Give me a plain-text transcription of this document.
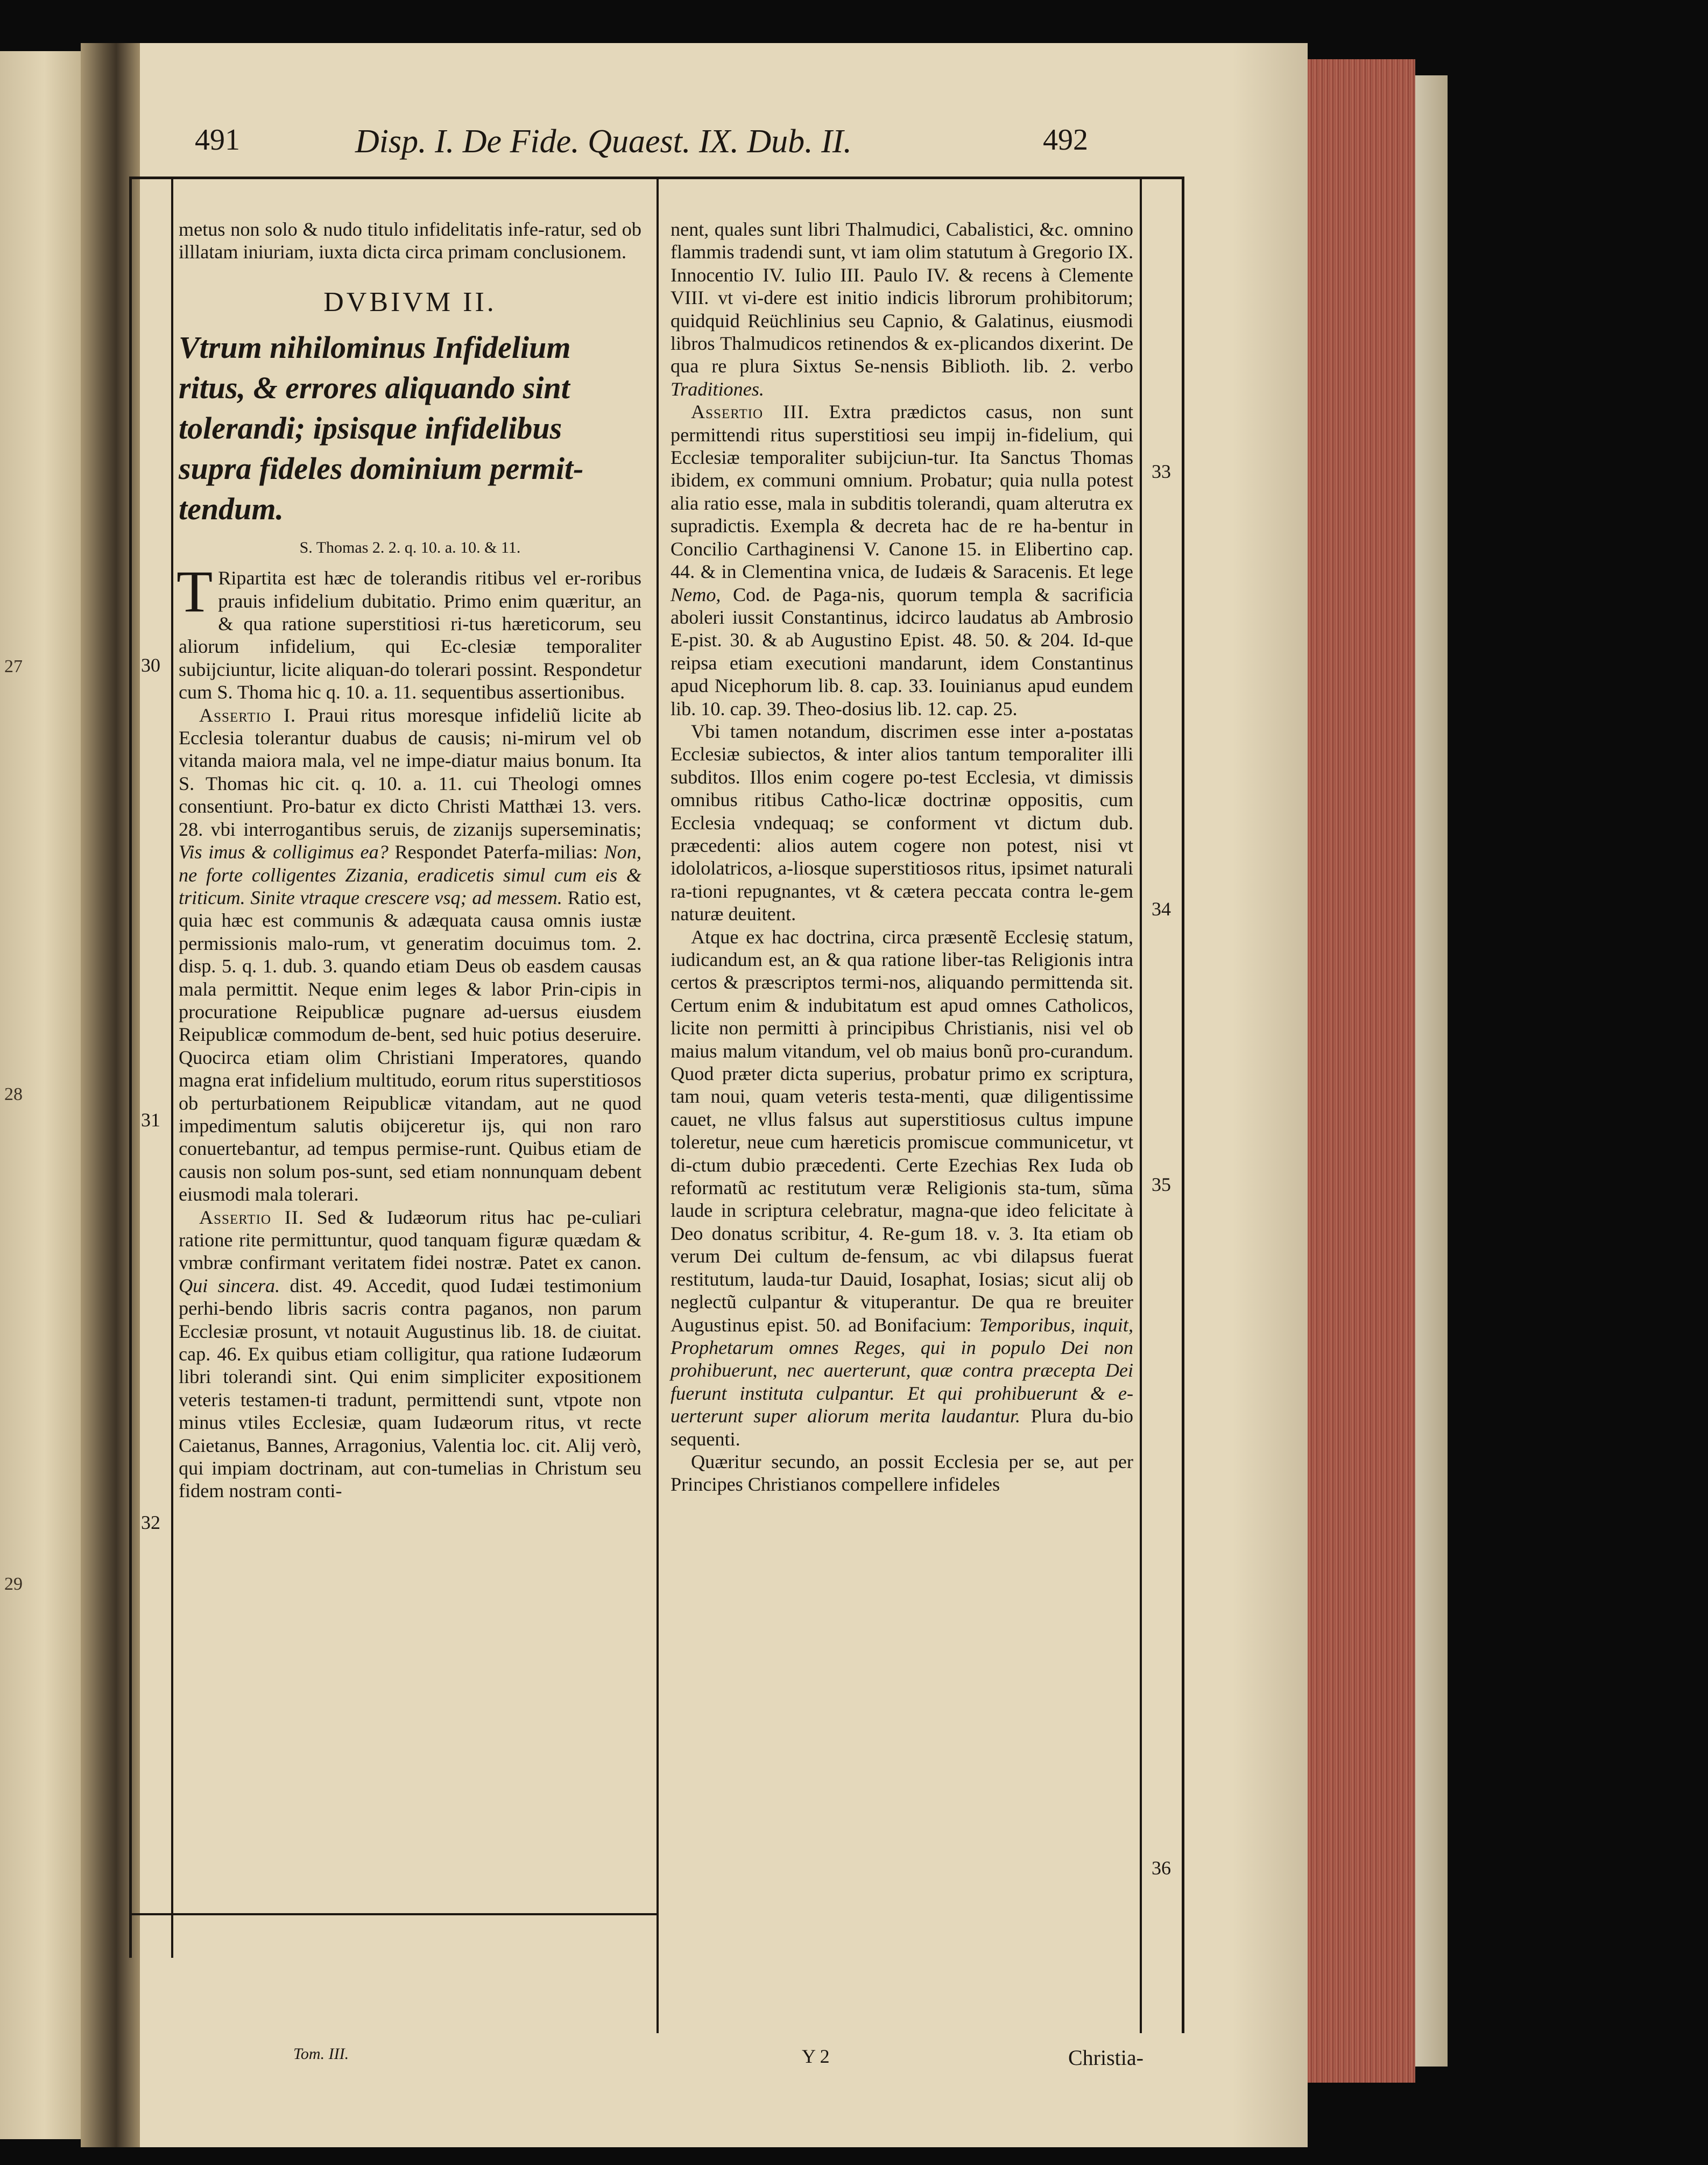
27
28
29
491	Disp. I. De Fide. Quaest. IX. Dub. II.	492

metus non solo & nudo titulo infidelitatis infe-ratur, sed ob illlatam iniuriam, iuxta dicta circa primam conclusionem.

DVBIVM II.

Vtrum nihilominus Infidelium ritus, & errores aliquando sint tolerandi; ipsisque infidelibus supra fideles dominium permit-tendum.

S. Thomas 2. 2. q. 10. a. 10. & 11.

T Ripartita est hæc de tolerandis ritibus vel er-roribus prauis infidelium dubitatio. Primo enim quæritur, an & qua ratione superstitiosi ri-tus hæreticorum, seu aliorum infidelium, qui Ec-clesiæ temporaliter subijciuntur, licite aliquan-do tolerari possint. Respondetur cum S. Thoma hic q. 10. a. 11. sequentibus assertionibus.

Assertio I. Praui ritus moresque infideliũ licite ab Ecclesia tolerantur duabus de causis; ni-mirum vel ob vitanda maiora mala, vel ne impe-diatur maius bonum. Ita S. Thomas hic cit. q. 10. a. 11. cui Theologi omnes consentiunt. Pro-batur ex dicto Christi Matthæi 13. vers. 28. vbi interrogantibus seruis, de zizanijs superseminatis; Vis imus & colligimus ea? Respondet Paterfa-milias: Non, ne forte colligentes Zizania, eradicetis simul cum eis & triticum. Sinite vtraque crescere vsq; ad messem. Ratio est, quia hæc est communis & adæquata causa omnis iustæ permissionis malo-rum, vt generatim docuimus tom. 2. disp. 5. q. 1. dub. 3. quando etiam Deus ob easdem causas mala permittit. Neque enim leges & labor Prin-cipis in procuratione Reipublicæ pugnare ad-uersus eiusdem Reipublicæ commodum de-bent, sed huic potius deseruire. Quocirca etiam olim Christiani Imperatores, quando magna erat infidelium multitudo, eorum ritus superstitiosos ob perturbationem Reipublicæ vitandam, aut ne quod impedimentum salutis obijceretur ijs, qui non raro conuertebantur, ad tempus permise-runt. Quibus etiam de causis non solum pos-sunt, sed etiam nonnunquam debent eiusmodi mala tolerari.

Assertio II. Sed & Iudæorum ritus hac pe-culiari ratione rite permittuntur, quod tanquam figuræ quædam & vmbræ confirmant veritatem fidei nostræ. Patet ex canon. Qui sincera. dist. 49. Accedit, quod Iudæi testimonium perhi-bendo libris sacris contra paganos, non parum Ecclesiæ prosunt, vt notauit Augustinus lib. 18. de ciuitat. cap. 46. Ex quibus etiam colligitur, qua ratione Iudæorum libri tolerandi sint. Qui enim simpliciter expositionem veteris testamen-ti tradunt, permittendi sunt, vtpote non minus vtiles Ecclesiæ, quam Iudæorum ritus, vt recte Caietanus, Bannes, Arragonius, Valentia loc. cit. Alij verò, qui impiam doctrinam, aut con-tumelias in Christum seu fidem nostram conti-

nent, quales sunt libri Thalmudici, Cabalistici, &c. omnino flammis tradendi sunt, vt iam olim statutum à Gregorio IX. Innocentio IV. Iulio III. Paulo IV. & recens à Clemente VIII. vt vi-dere est initio indicis librorum prohibitorum; quidquid Reüchlinius seu Capnio, & Galatinus, eiusmodi libros Thalmudicos retinendos & ex-plicandos dixerint. De qua re plura Sixtus Se-nensis Biblioth. lib. 2. verbo Traditiones.

Assertio III. Extra prædictos casus, non sunt permittendi ritus superstitiosi seu impij in-fidelium, qui Ecclesiæ temporaliter subijciun-tur. Ita Sanctus Thomas ibidem, ex communi omnium. Probatur; quia nulla potest alia ratio esse, mala in subditis tolerandi, quam alterutra ex supradictis. Exempla & decreta hac de re ha-bentur in Concilio Carthaginensi V. Canone 15. in Elibertino cap. 44. & in Clementina vnica, de Iudæis & Saracenis. Et lege Nemo, Cod. de Paga-nis, quorum templa & sacrificia aboleri iussit Constantinus, idcirco laudatus ab Ambrosio E-pist. 30. & ab Augustino Epist. 48. 50. & 204. Id-que reipsa etiam executioni mandarunt, idem Constantinus apud Nicephorum lib. 8. cap. 33. Iouinianus apud eundem lib. 10. cap. 39. Theo-dosius lib. 12. cap. 25.

Vbi tamen notandum, discrimen esse inter a-postatas Ecclesiæ subiectos, & inter alios tantum temporaliter illi subditos. Illos enim cogere po-test Ecclesia, vt dimissis omnibus ritibus Catho-licæ doctrinæ oppositis, cum Ecclesia vndequaq; se conforment vt dictum dub. præcedenti: alios autem cogere non potest, nisi vt idololatricos, a-liosque superstitiosos ritus, ipsimet naturali ra-tioni repugnantes, vt & cætera peccata contra le-gem naturæ deuitent.

Atque ex hac doctrina, circa præsentẽ Ecclesię statum, iudicandum est, an & qua ratione liber-tas Religionis intra certos & præscriptos termi-nos, aliquando permittenda sit. Certum enim & indubitatum est apud omnes Catholicos, licite non permitti à principibus Christianis, nisi vel ob maius malum vitandum, vel ob maius bonũ pro-curandum. Quod præter dicta superius, probatur primo ex scriptura, tam noui, quam veteris testa-menti, quæ diligentissime cauet, ne vllus falsus aut superstitiosus cultus impune toleretur, neue cum hæreticis promiscue communicetur, vt di-ctum dubio præcedenti. Certe Ezechias Rex Iuda ob reformatũ ac restitutum veræ Religionis sta-tum, sũma laude in scriptura celebratur, magna-que ideo felicitate à Deo donatus scribitur, 4. Re-gum 18. v. 3. Ita etiam ob verum Dei cultum de-fensum, ac vbi dilapsus fuerat restitutum, lauda-tur Dauid, Iosaphat, Iosias; sicut alij ob neglectũ culpantur & vituperantur. De qua re breuiter Augustinus epist. 50. ad Bonifacium: Temporibus, inquit, Prophetarum omnes Reges, qui in populo Dei non prohibuerunt, nec auerterunt, quæ contra præcepta Dei fuerunt instituta culpantur. Et qui prohibuerunt & e-uerterunt super aliorum merita laudantur. Plura du-bio sequenti.

Quæritur secundo, an possit Ecclesia per se, aut per Principes Christianos compellere infideles

30
31
32
33
34
35
36
Tom. III.	Y 2	Christia-
